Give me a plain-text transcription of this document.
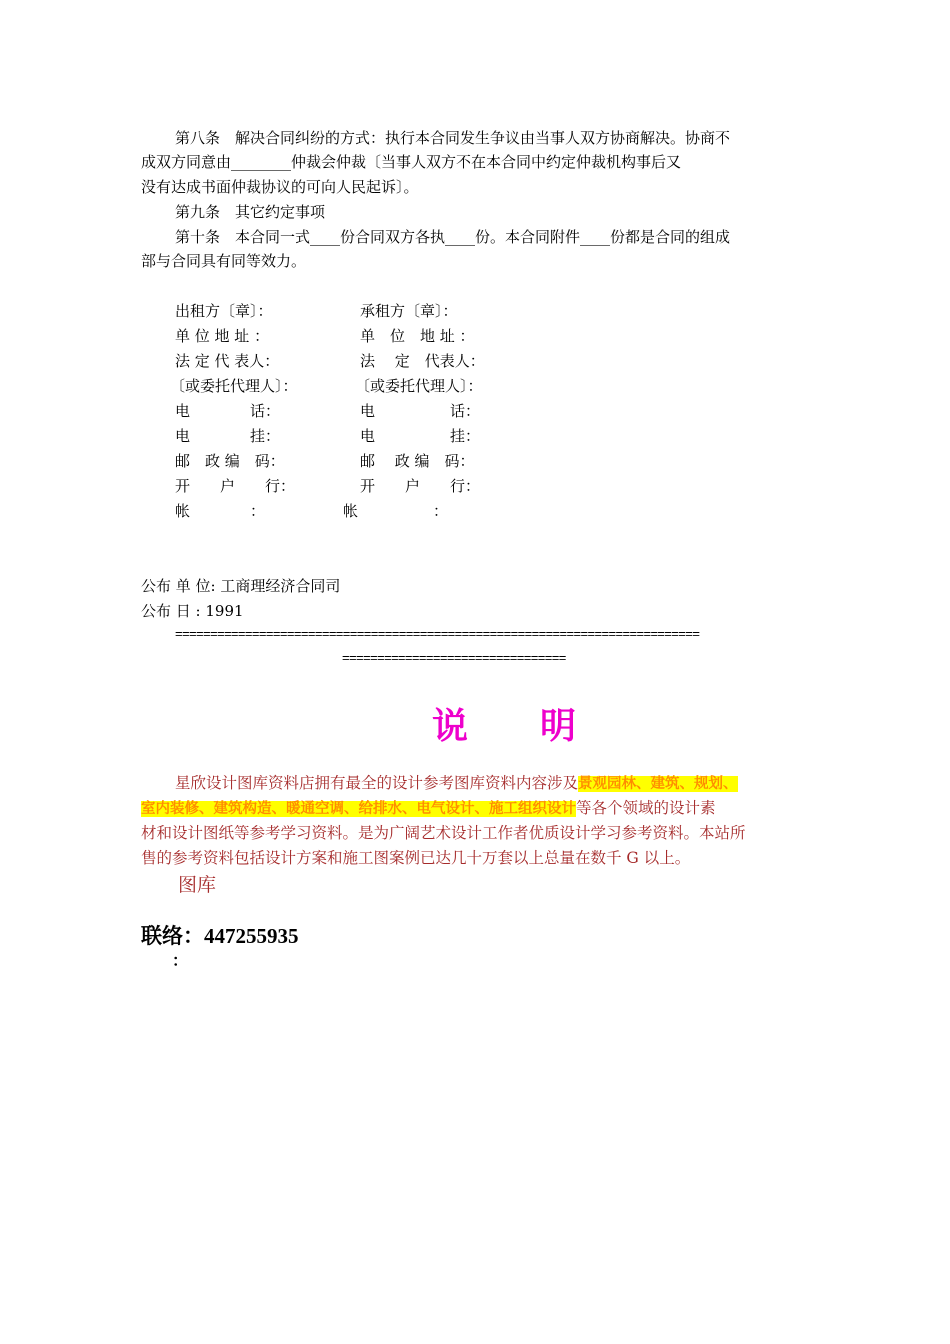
第八条　解决合同纠纷的方式：执行本合同发生争议由当事人双方协商解决。协商不
成双方同意由________仲裁会仲裁〔当事人双方不在本合同中约定仲裁机构事后又
没有达成书面仲裁协议的可向人民起诉〕。
第九条　其它约定事项
第十条　本合同一式____份合同双方各执____份。本合同附件____份都是合同的组成
部与合同具有同等效力。
出租方〔章〕：
单 位 地 址 ：
法 定 代 表人：
〔或委托代理人〕：
电　　　　话：
电　　　　挂：
邮　政 编　码：
开　　户　　行：
帐　　　　：
承租方〔章〕：
单　位　地 址 ：
法　 定　代表人：
〔或委托代理人〕：
电　　　　　话：
电　　　　　挂：
邮　 政 编　码：
开　　户　　行：
帐　　　　　：
公布 单 位: 工商理经济合同司
公布 日 : 1991
===========================================================================
================================
说　　明
星欣设计图库资料店拥有最全的设计参考图库资料内容涉及景观园林、建筑、规划、
室内装修、建筑构造、暖通空调、给排水、电气设计、施工组织设计等各个领域的设计素
材和设计图纸等参考学习资料。是为广阔艺术设计工作者优质设计学习参考资料。本站所
售的参考资料包括设计方案和施工图案例已达几十万套以上总量在数千 G 以上。
图库
联络：447255935
：
